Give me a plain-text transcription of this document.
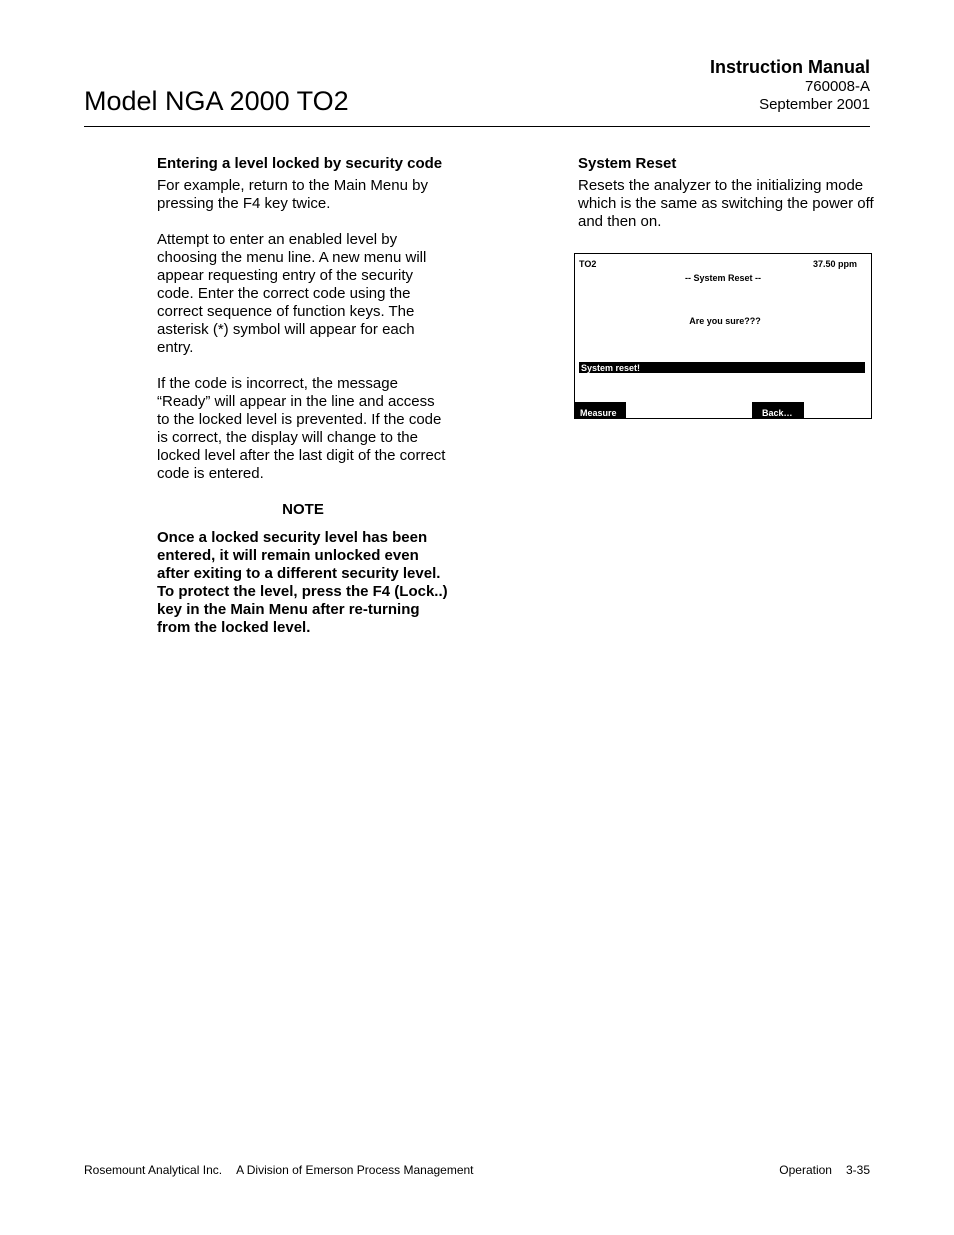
Model NGA 2000 TO2
Instruction Manual
760008-A
September 2001

Entering a level locked by security code

For example, return to the Main Menu by pressing the F4 key twice.

Attempt to enter an enabled level by choosing the menu line. A new menu will appear requesting entry of the security code. Enter the correct code using the correct sequence of function keys. The asterisk (*) symbol will appear for each entry.

If the code is incorrect, the message “Ready” will appear in the line and access to the locked level is prevented. If the code is correct, the display will change to the locked level after the last digit of the correct code is entered.

NOTE

Once a locked security level has been entered, it will remain unlocked even after exiting to a different security level. To protect the level, press the F4 (Lock..) key in the Main Menu after re-turning from the locked level.

System Reset

Resets the analyzer to the initializing mode which is the same as switching the power off and then on.

TO2	37.50 ppm
-- System Reset --
Are you sure???
System reset!
Measure	Back…
Rosemount Analytical Inc. A Division of Emerson Process Management	Operation 3-35
